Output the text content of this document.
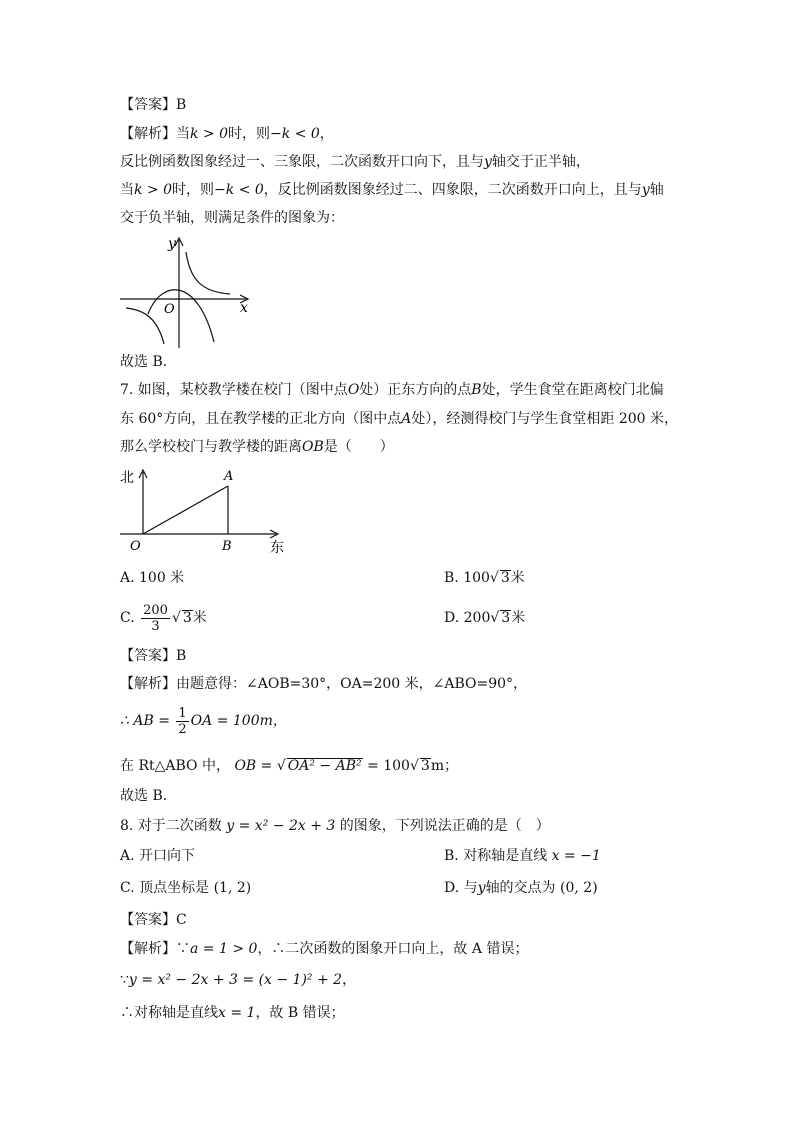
【答案】B
【解析】当k > 0时，则−k < 0，
反比例函数图象经过一、三象限，二次函数开口向下，且与y轴交于正半轴，
当k > 0时，则−k < 0，反比例函数图象经过二、四象限，二次函数开口向上，且与y轴
交于负半轴，则满足条件的图象为：
y
x
O
故选 B．
7. 如图，某校教学楼在校门（图中点O处）正东方向的点B处，学生食堂在距离校门北偏
东 60°方向，且在教学楼的正北方向（图中点A处），经测得校门与学生食堂相距 200 米，
那么学校校门与教学楼的距离OB是（　　）
北
东
A
B
O
A. 100 米	B. 100√ 3米
C. $\frac{200}{3}$ √ 3米	D. 200√ 3米
【答案】B
【解析】由题意得：∠AOB=30°，OA=200 米，∠ABO=90°，
∴ AB = $\frac{1}{2}$ OA = 100m，
在 Rt△ABO 中， OB = √ OA² − AB² = 100√ 3m；
故选 B．
8. 对于二次函数 y = x² − 2x + 3 的图象，下列说法正确的是（　）
A. 开口向下	B. 对称轴是直线 x = −1
C. 顶点坐标是 (1, 2)	D. 与y轴的交点为 (0, 2)
【答案】C
【解析】∵a = 1 > 0，∴二次函数的图象开口向上，故 A 错误；
∵y = x² − 2x + 3 = (x − 1)² + 2，
∴对称轴是直线x = 1，故 B 错误；
